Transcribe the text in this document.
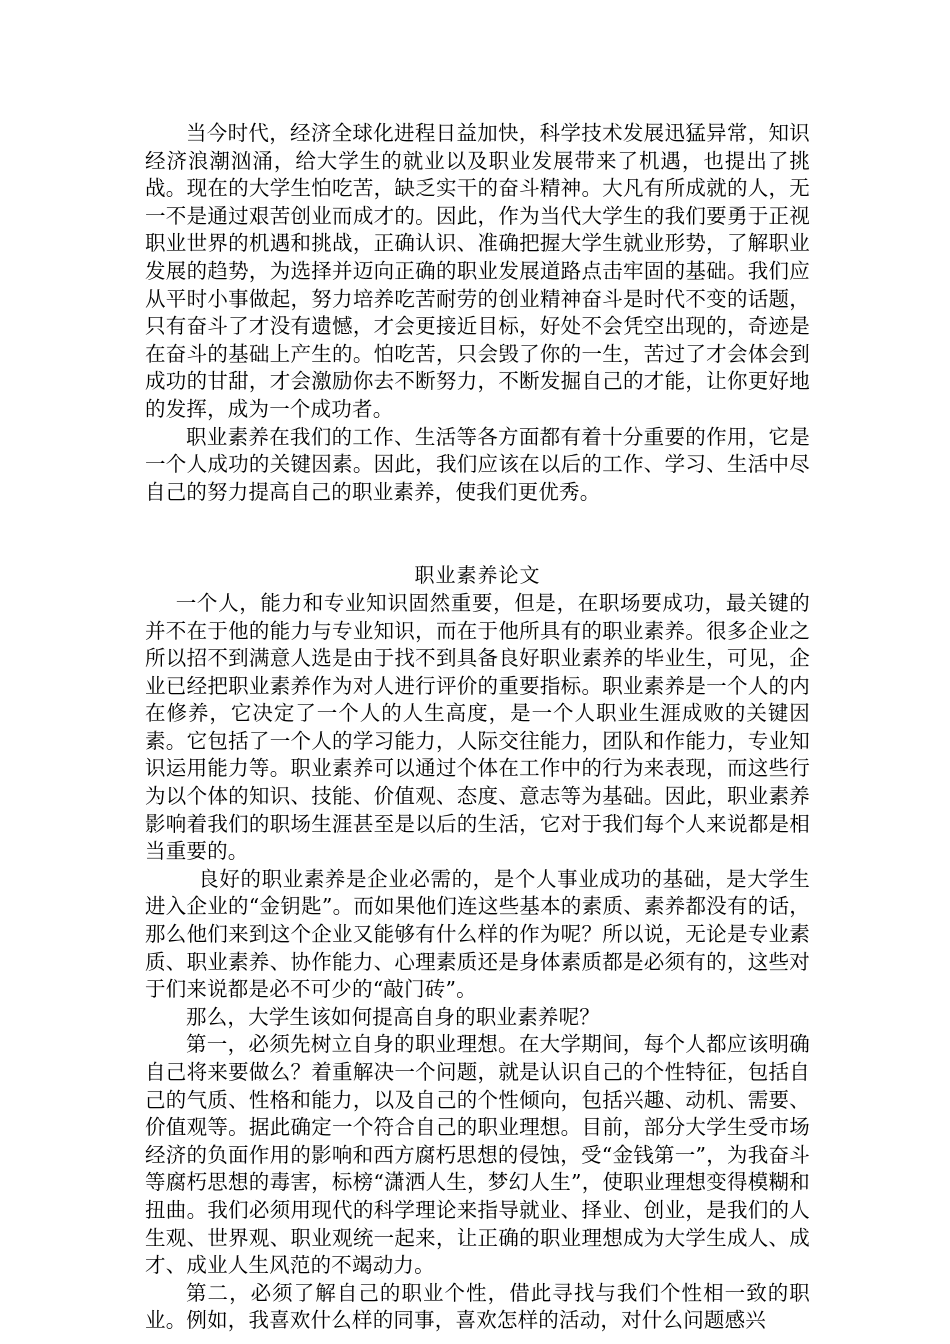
当今时代，经济全球化进程日益加快，科学技术发展迅猛异常，知识经济浪潮汹涌，给大学生的就业以及职业发展带来了机遇，也提出了挑战。现在的大学生怕吃苦，缺乏实干的奋斗精神。大凡有所成就的人，无一不是通过艰苦创业而成才的。因此，作为当代大学生的我们要勇于正视职业世界的机遇和挑战，正确认识、准确把握大学生就业形势，了解职业发展的趋势，为选择并迈向正确的职业发展道路点击牢固的基础。我们应从平时小事做起，努力培养吃苦耐劳的创业精神奋斗是时代不变的话题，只有奋斗了才没有遗憾，才会更接近目标，好处不会凭空出现的，奇迹是在奋斗的基础上产生的。怕吃苦，只会毁了你的一生，苦过了才会体会到成功的甘甜，才会激励你去不断努力，不断发掘自己的才能，让你更好地的发挥，成为一个成功者。

职业素养在我们的工作、生活等各方面都有着十分重要的作用，它是一个人成功的关键因素。因此，我们应该在以后的工作、学习、生活中尽自己的努力提高自己的职业素养，使我们更优秀。

职业素养论文

一个人，能力和专业知识固然重要，但是，在职场要成功，最关键的并不在于他的能力与专业知识，而在于他所具有的职业素养。很多企业之所以招不到满意人选是由于找不到具备良好职业素养的毕业生，可见，企业已经把职业素养作为对人进行评价的重要指标。职业素养是一个人的内在修养，它决定了一个人的人生高度，是一个人职业生涯成败的关键因素。它包括了一个人的学习能力，人际交往能力，团队和作能力，专业知识运用能力等。职业素养可以通过个体在工作中的行为来表现，而这些行为以个体的知识、技能、价值观、态度、意志等为基础。因此，职业素养影响着我们的职场生涯甚至是以后的生活，它对于我们每个人来说都是相当重要的。

良好的职业素养是企业必需的，是个人事业成功的基础，是大学生进入企业的“金钥匙”。而如果他们连这些基本的素质、素养都没有的话，那么他们来到这个企业又能够有什么样的作为呢？所以说，无论是专业素质、职业素养、协作能力、心理素质还是身体素质都是必须有的，这些对于们来说都是必不可少的“敲门砖”。

那么，大学生该如何提高自身的职业素养呢？

第一，必须先树立自身的职业理想。在大学期间，每个人都应该明确自己将来要做么？着重解决一个问题，就是认识自己的个性特征，包括自己的气质、性格和能力，以及自己的个性倾向，包括兴趣、动机、需要、价值观等。据此确定一个符合自己的职业理想。目前，部分大学生受市场经济的负面作用的影响和西方腐朽思想的侵蚀，受“金钱第一”，为我奋斗等腐朽思想的毒害，标榜“潇洒人生，梦幻人生”，使职业理想变得模糊和扭曲。我们必须用现代的科学理论来指导就业、择业、创业，是我们的人生观、世界观、职业观统一起来，让正确的职业理想成为大学生成人、成才、成业人生风范的不竭动力。

第二，必须了解自己的职业个性，借此寻找与我们个性相一致的职业。例如，我喜欢什么样的同事，喜欢怎样的活动，对什么问题感兴
